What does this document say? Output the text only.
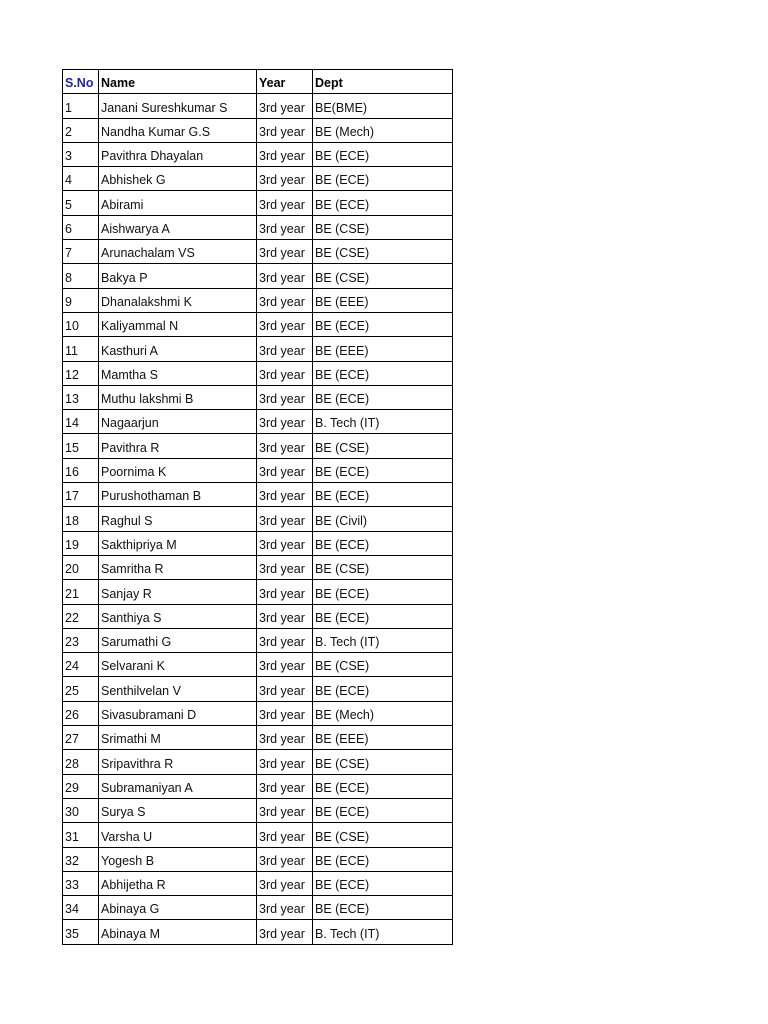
S.No	Name	Year	Dept
1	Janani Sureshkumar S	3rd year	BE(BME)
2	Nandha Kumar G.S	3rd year	BE (Mech)
3	Pavithra Dhayalan	3rd year	BE (ECE)
4	Abhishek G	3rd year	BE (ECE)
5	Abirami	3rd year	BE (ECE)
6	Aishwarya A	3rd year	BE (CSE)
7	Arunachalam VS	3rd year	BE (CSE)
8	Bakya P	3rd year	BE (CSE)
9	Dhanalakshmi K	3rd year	BE (EEE)
10	Kaliyammal N	3rd year	BE (ECE)
11	Kasthuri A	3rd year	BE (EEE)
12	Mamtha S	3rd year	BE (ECE)
13	Muthu lakshmi B	3rd year	BE (ECE)
14	Nagaarjun	3rd year	B. Tech (IT)
15	Pavithra R	3rd year	BE (CSE)
16	Poornima K	3rd year	BE (ECE)
17	Purushothaman B	3rd year	BE (ECE)
18	Raghul S	3rd year	BE (Civil)
19	Sakthipriya M	3rd year	BE (ECE)
20	Samritha R	3rd year	BE (CSE)
21	Sanjay R	3rd year	BE (ECE)
22	Santhiya S	3rd year	BE (ECE)
23	Sarumathi G	3rd year	B. Tech (IT)
24	Selvarani K	3rd year	BE (CSE)
25	Senthilvelan V	3rd year	BE (ECE)
26	Sivasubramani D	3rd year	BE (Mech)
27	Srimathi M	3rd year	BE (EEE)
28	Sripavithra R	3rd year	BE (CSE)
29	Subramaniyan A	3rd year	BE (ECE)
30	Surya S	3rd year	BE (ECE)
31	Varsha U	3rd year	BE (CSE)
32	Yogesh B	3rd year	BE (ECE)
33	Abhijetha R	3rd year	BE (ECE)
34	Abinaya G	3rd year	BE (ECE)
35	Abinaya M	3rd year	B. Tech (IT)
